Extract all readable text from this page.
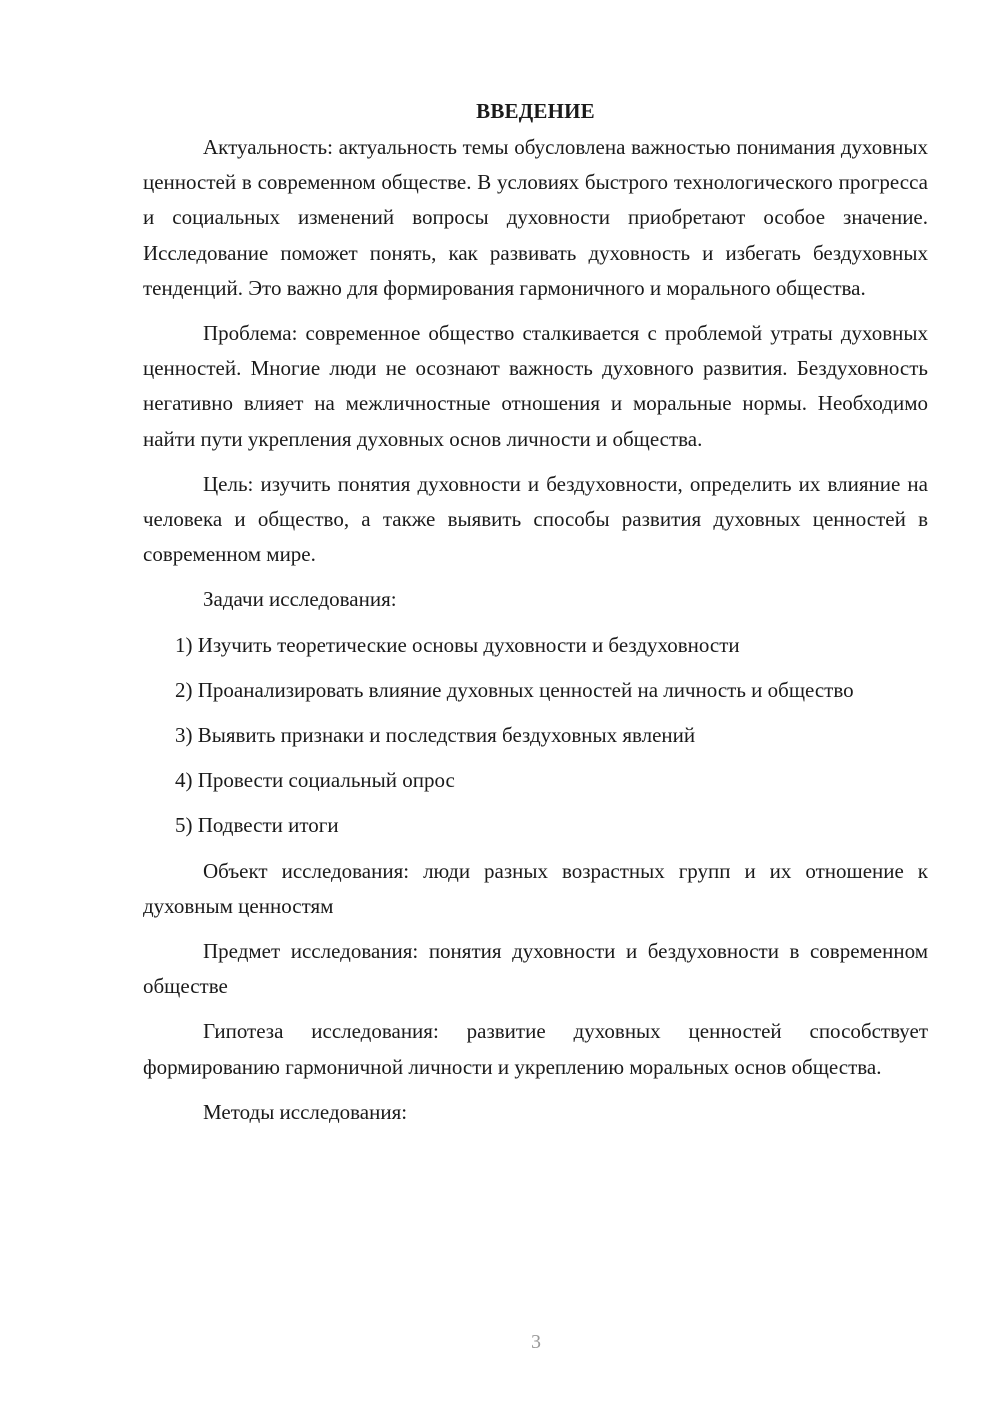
ВВЕДЕНИЕ

Актуальность: актуальность темы обусловлена важностью понимания духовных ценностей в современном обществе. В условиях быстрого технологического прогресса и социальных изменений вопросы духовности приобретают особое значение. Исследование поможет понять, как развивать духовность и избегать бездуховных тенденций. Это важно для формирования гармоничного и морального общества.

Проблема: современное общество сталкивается с проблемой утраты духовных ценностей. Многие люди не осознают важность духовного развития. Бездуховность негативно влияет на межличностные отношения и моральные нормы. Необходимо найти пути укрепления духовных основ личности и общества.

Цель: изучить понятия духовности и бездуховности, определить их влияние на человека и общество, а также выявить способы развития духовных ценностей в современном мире.

Задачи исследования:

1) Изучить теоретические основы духовности и бездуховности

2) Проанализировать влияние духовных ценностей на личность и общество

3) Выявить признаки и последствия бездуховных явлений

4) Провести социальный опрос

5) Подвести итоги

Объект исследования: люди разных возрастных групп и их отношение к духовным ценностям

Предмет исследования: понятия духовности и бездуховности в современном обществе

Гипотеза исследования: развитие духовных ценностей способствует формированию гармоничной личности и укреплению моральных основ общества.

Методы исследования:

3
